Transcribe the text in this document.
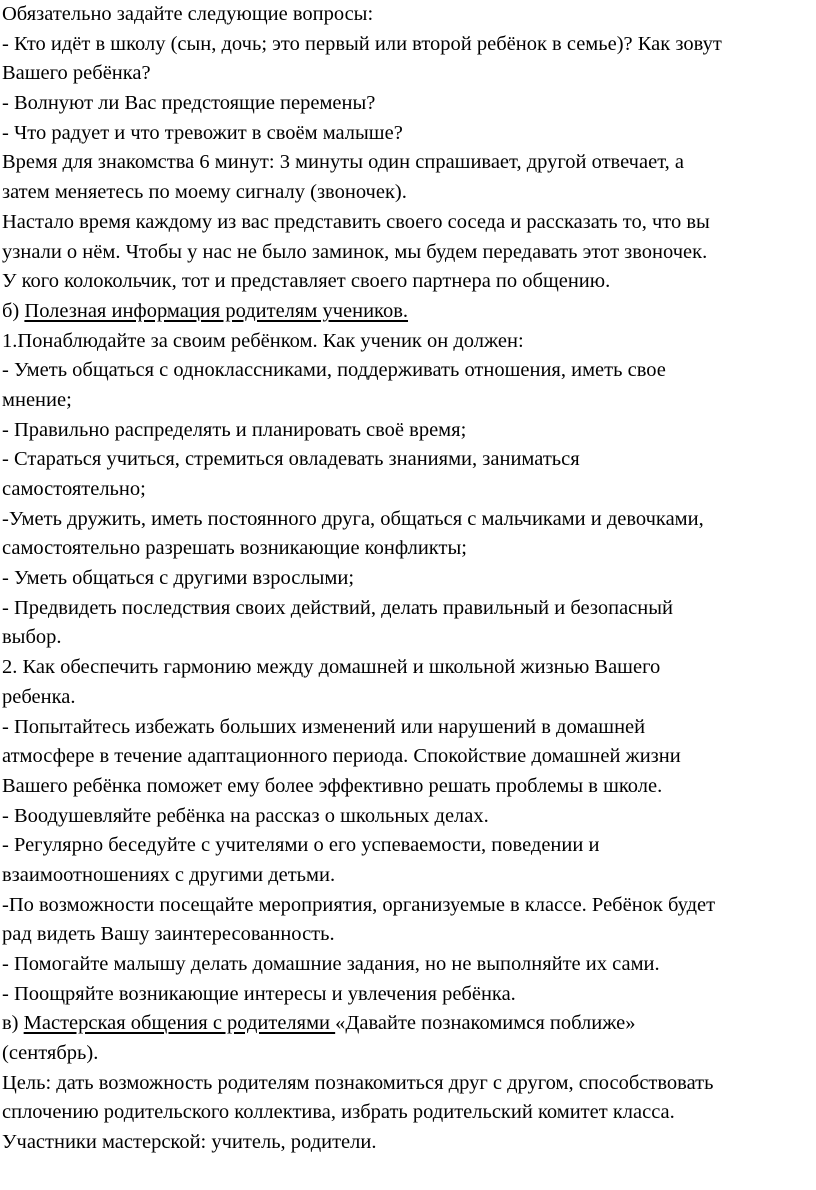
Обязательно задайте следующие вопросы:

- Кто идёт в школу (сын, дочь; это первый или второй ребёнок в семье)? Как зовут

Вашего ребёнка?

- Волнуют ли Вас предстоящие перемены?

- Что радует и что тревожит в своём малыше?

Время для знакомства 6 минут: 3 минуты один спрашивает, другой отвечает, а

затем меняетесь по моему сигналу (звоночек).

Настало время каждому из вас представить своего соседа и рассказать то, что вы

узнали о нём. Чтобы у нас не было заминок, мы будем передавать этот звоночек.

У кого колокольчик, тот и представляет своего партнера по общению.

б) Полезная информация родителям учеников.

1.Понаблюдайте за своим ребёнком. Как ученик он должен:

- Уметь общаться с одноклассниками, поддерживать отношения, иметь свое

мнение;

- Правильно распределять и планировать своё время;

- Стараться учиться, стремиться овладевать знаниями, заниматься

самостоятельно;

-Уметь дружить, иметь постоянного друга, общаться с мальчиками и девочками,

самостоятельно разрешать возникающие конфликты;

- Уметь общаться с другими взрослыми;

- Предвидеть последствия своих действий, делать правильный и безопасный

выбор.

2. Как обеспечить гармонию между домашней и школьной жизнью Вашего

ребенка.

- Попытайтесь избежать больших изменений или нарушений в домашней

атмосфере в течение адаптационного периода. Спокойствие домашней жизни

Вашего ребёнка поможет ему более эффективно решать проблемы в школе.

- Воодушевляйте ребёнка на рассказ о школьных делах.

- Регулярно беседуйте с учителями о его успеваемости, поведении и

взаимоотношениях с другими детьми.

-По возможности посещайте мероприятия, организуемые в классе. Ребёнок будет

рад видеть Вашу заинтересованность.

- Помогайте малышу делать домашние задания, но не выполняйте их сами.

- Поощряйте возникающие интересы и увлечения ребёнка.

в) Мастерская общения с родителями «Давайте познакомимся поближе»

(сентябрь).

Цель: дать возможность родителям познакомиться друг с другом, способствовать

сплочению родительского коллектива, избрать родительский комитет класса.

Участники мастерской: учитель, родители.
